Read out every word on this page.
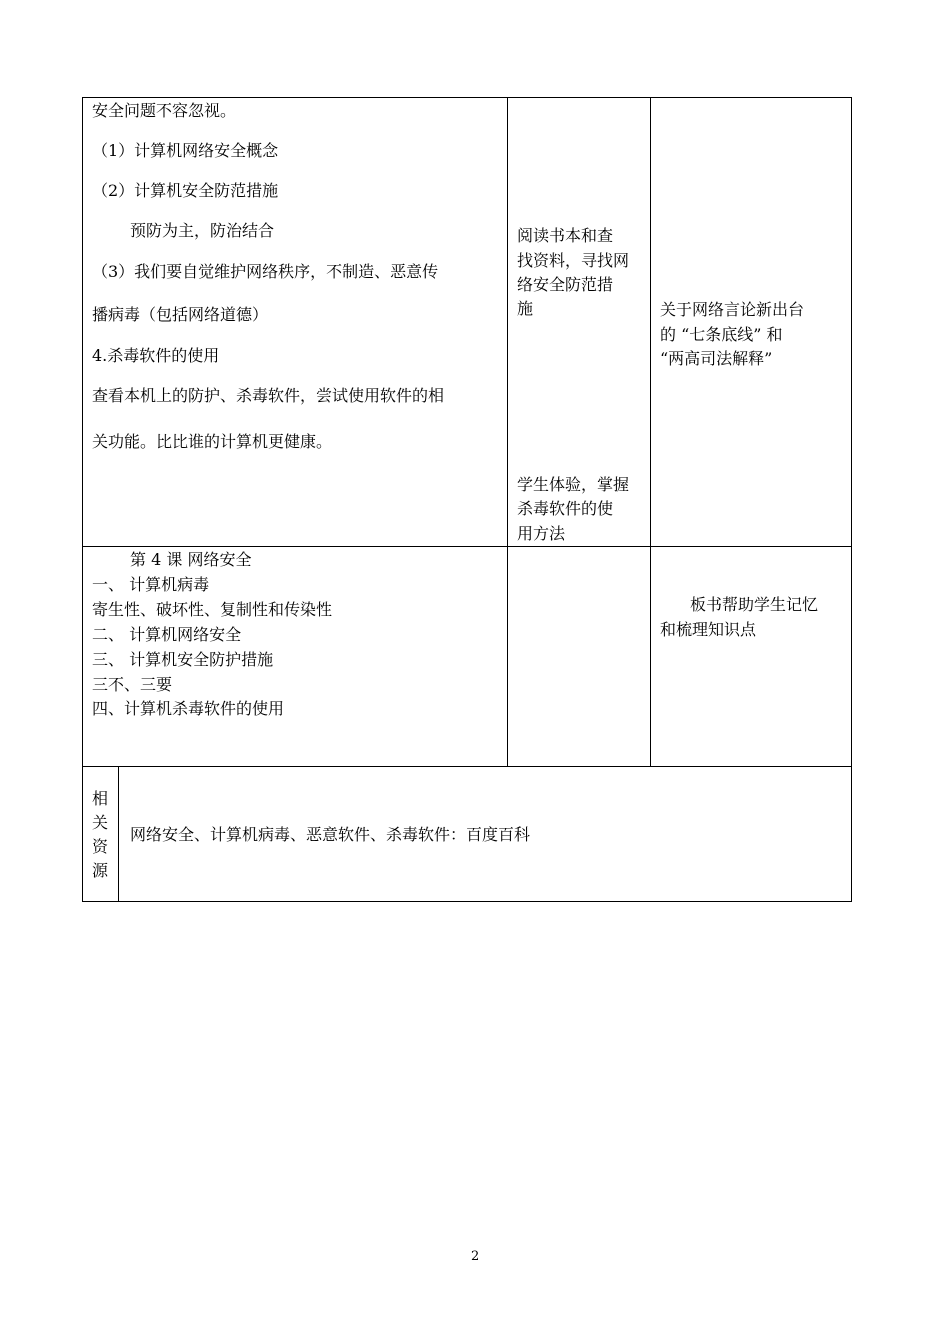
安全问题不容忽视。
（1）计算机网络安全概念
（2）计算机安全防范措施
预防为主，防治结合
（3）我们要自觉维护网络秩序，不制造、恶意传
播病毒（包括网络道德）
4.杀毒软件的使用
查看本机上的防护、杀毒软件，尝试使用软件的相
关功能。比比谁的计算机更健康。
阅读书本和查
找资料，寻找网
络安全防范措
施
学生体验，掌握
杀毒软件的使
用方法
关于网络言论新出台
的 “七条底线” 和
“两高司法解释”
第 4 课 网络安全
一、 计算机病毒
寄生性、破坏性、复制性和传染性
二、 计算机网络安全
三、 计算机安全防护措施
三不、三要
四、计算机杀毒软件的使用
板书帮助学生记忆
和梳理知识点
相
关
资
源
网络安全、计算机病毒、恶意软件、杀毒软件：百度百科
2
